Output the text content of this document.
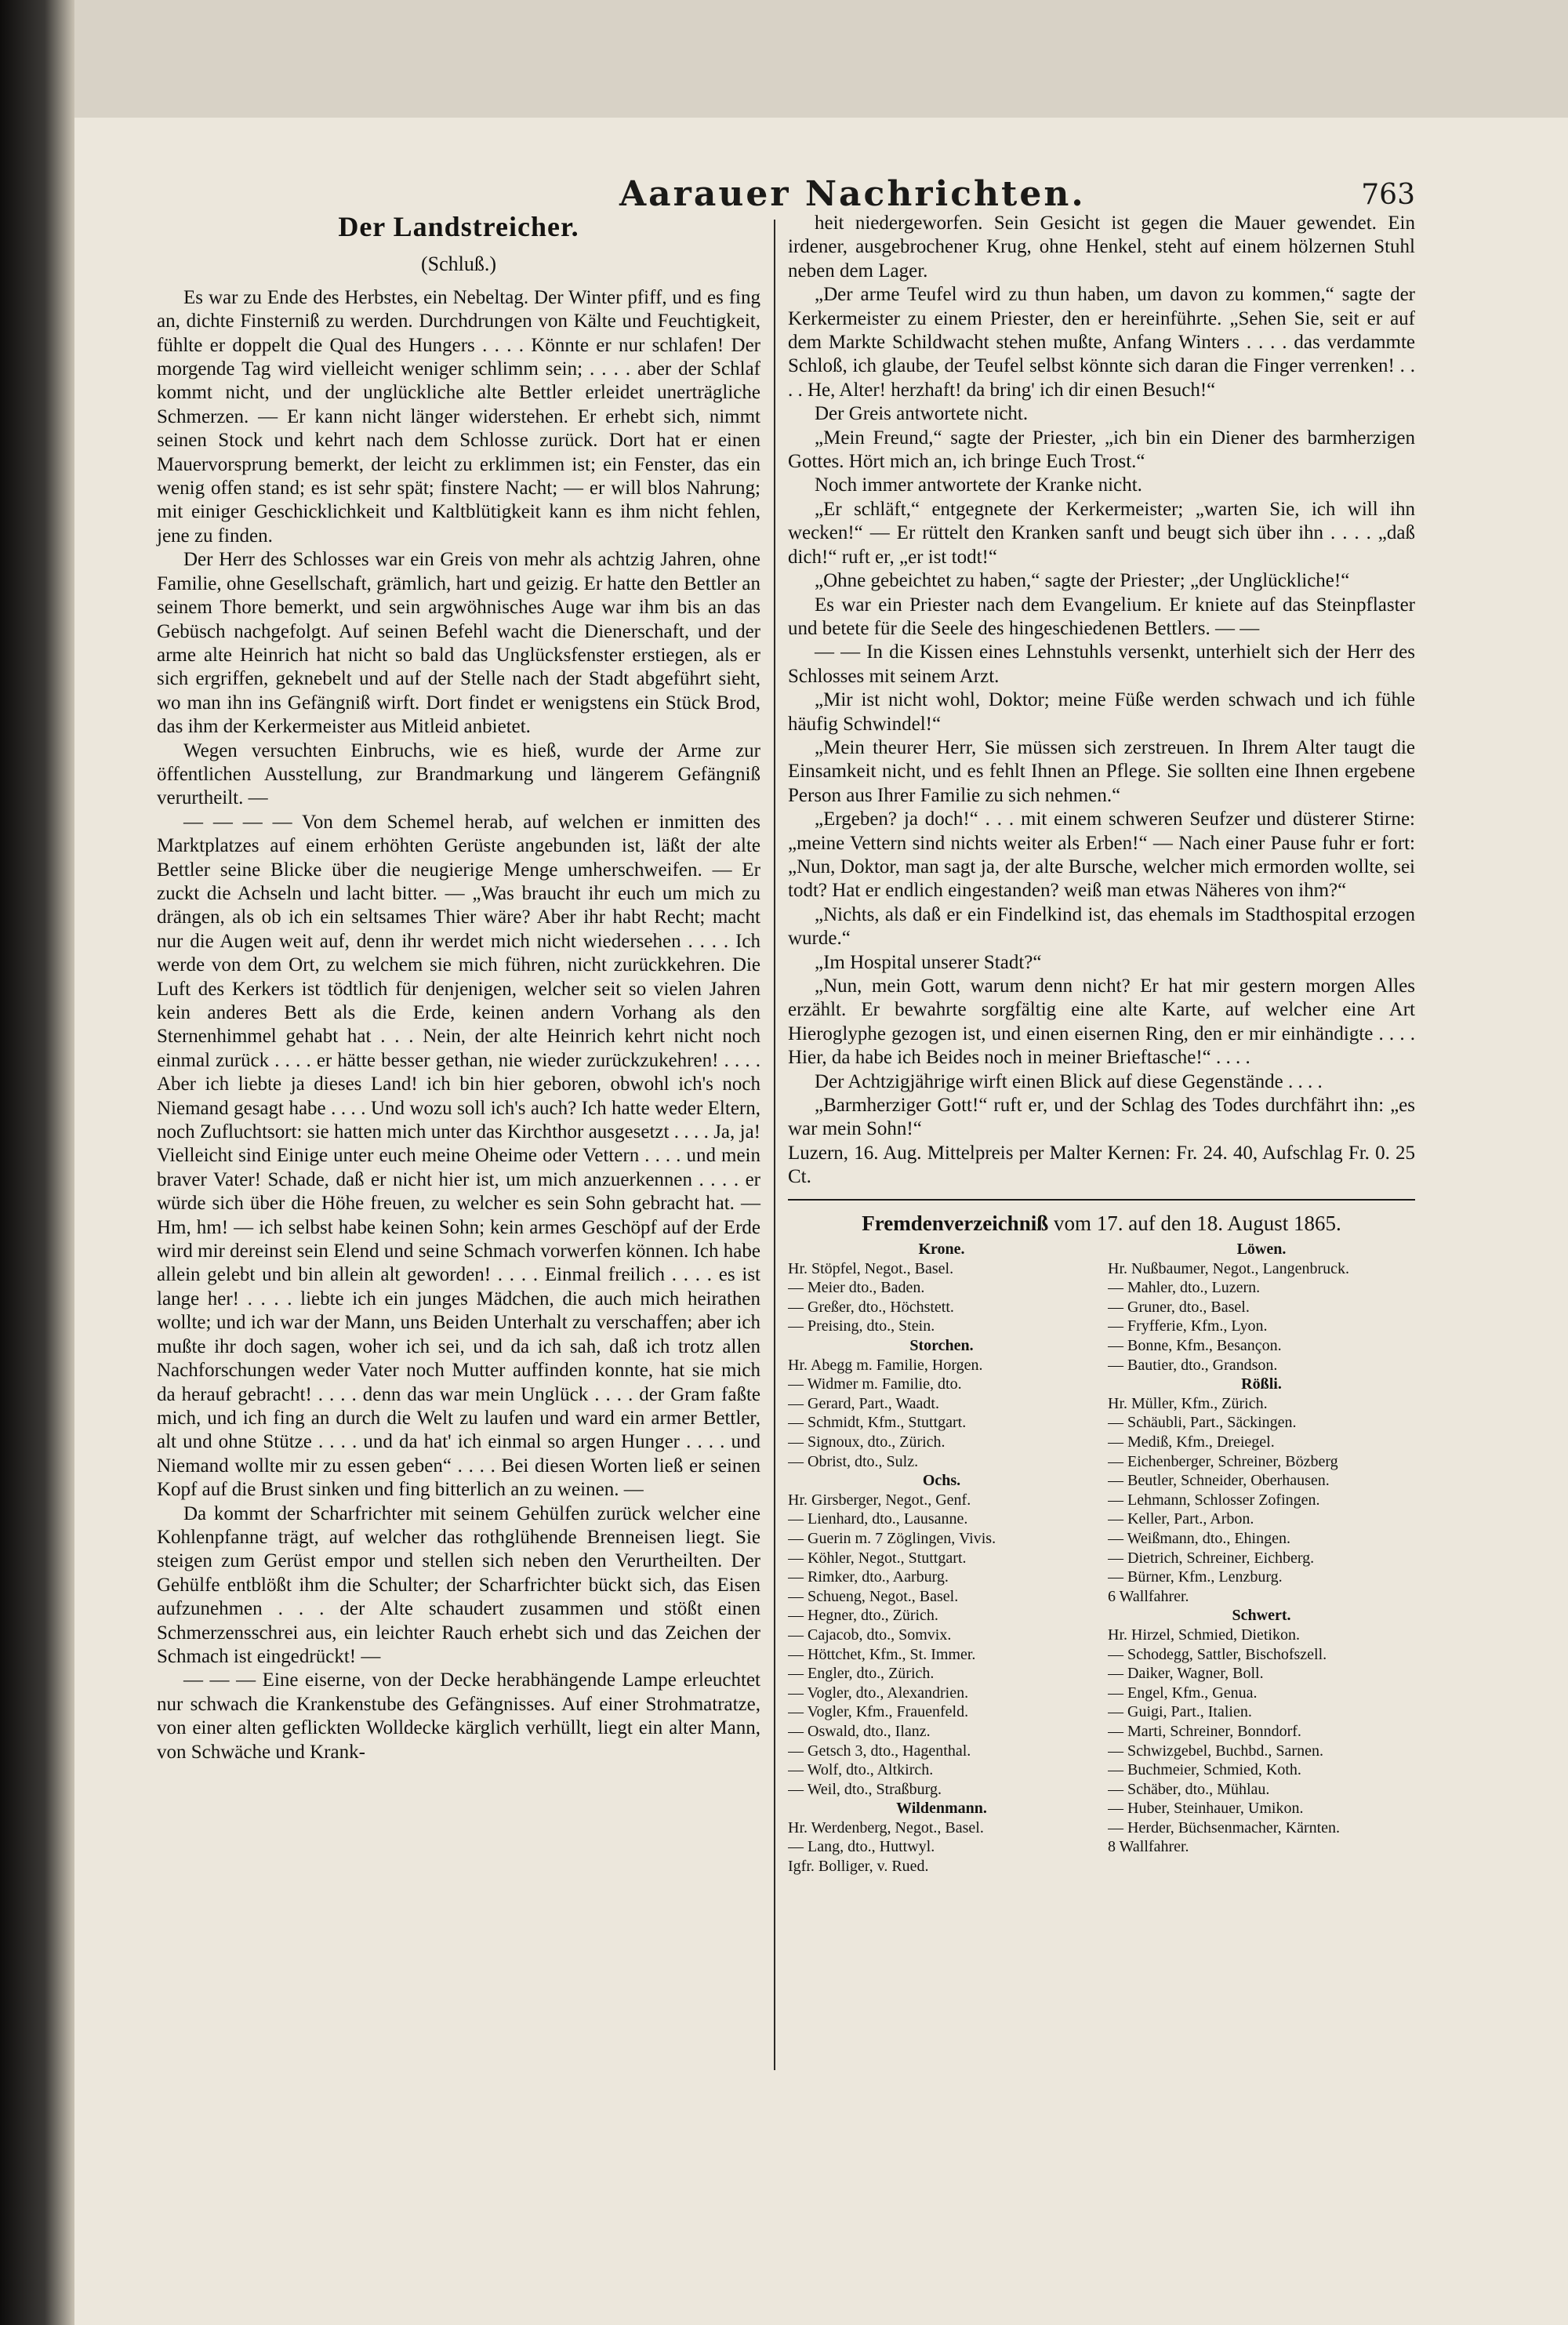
Aarauer Nachrichten.	763
Der Landstreicher.
(Schluß.)

Es war zu Ende des Herbstes, ein Nebeltag. Der Winter pfiff, und es fing an, dichte Finsterniß zu werden. Durchdrungen von Kälte und Feuchtigkeit, fühlte er doppelt die Qual des Hungers . . . . Könnte er nur schlafen! Der morgende Tag wird vielleicht weniger schlimm sein; . . . . aber der Schlaf kommt nicht, und der unglückliche alte Bettler erleidet unerträgliche Schmerzen. — Er kann nicht länger widerstehen. Er erhebt sich, nimmt seinen Stock und kehrt nach dem Schlosse zurück. Dort hat er einen Mauervorsprung bemerkt, der leicht zu erklimmen ist; ein Fenster, das ein wenig offen stand; es ist sehr spät; finstere Nacht; — er will blos Nahrung; mit einiger Geschicklichkeit und Kaltblütigkeit kann es ihm nicht fehlen, jene zu finden.

Der Herr des Schlosses war ein Greis von mehr als achtzig Jahren, ohne Familie, ohne Gesellschaft, grämlich, hart und geizig. Er hatte den Bettler an seinem Thore bemerkt, und sein argwöhnisches Auge war ihm bis an das Gebüsch nachgefolgt. Auf seinen Befehl wacht die Dienerschaft, und der arme alte Heinrich hat nicht so bald das Unglücksfenster erstiegen, als er sich ergriffen, geknebelt und auf der Stelle nach der Stadt abgeführt sieht, wo man ihn ins Gefängniß wirft. Dort findet er wenigstens ein Stück Brod, das ihm der Kerkermeister aus Mitleid anbietet.

Wegen versuchten Einbruchs, wie es hieß, wurde der Arme zur öffentlichen Ausstellung, zur Brandmarkung und längerem Gefängniß verurtheilt. —

— — — — Von dem Schemel herab, auf welchen er inmitten des Marktplatzes auf einem erhöhten Gerüste angebunden ist, läßt der alte Bettler seine Blicke über die neugierige Menge umherschweifen. — Er zuckt die Achseln und lacht bitter. — „Was braucht ihr euch um mich zu drängen, als ob ich ein seltsames Thier wäre? Aber ihr habt Recht; macht nur die Augen weit auf, denn ihr werdet mich nicht wiedersehen . . . . Ich werde von dem Ort, zu welchem sie mich führen, nicht zurückkehren. Die Luft des Kerkers ist tödtlich für denjenigen, welcher seit so vielen Jahren kein anderes Bett als die Erde, keinen andern Vorhang als den Sternenhimmel gehabt hat . . . Nein, der alte Heinrich kehrt nicht noch einmal zurück . . . . er hätte besser gethan, nie wieder zurückzukehren! . . . . Aber ich liebte ja dieses Land! ich bin hier geboren, obwohl ich's noch Niemand gesagt habe . . . . Und wozu soll ich's auch? Ich hatte weder Eltern, noch Zufluchtsort: sie hatten mich unter das Kirchthor ausgesetzt . . . . Ja, ja! Vielleicht sind Einige unter euch meine Oheime oder Vettern . . . . und mein braver Vater! Schade, daß er nicht hier ist, um mich anzuerkennen . . . . er würde sich über die Höhe freuen, zu welcher es sein Sohn gebracht hat. — Hm, hm! — ich selbst habe keinen Sohn; kein armes Geschöpf auf der Erde wird mir dereinst sein Elend und seine Schmach vorwerfen können. Ich habe allein gelebt und bin allein alt geworden! . . . . Einmal freilich . . . . es ist lange her! . . . . liebte ich ein junges Mädchen, die auch mich heirathen wollte; und ich war der Mann, uns Beiden Unterhalt zu verschaffen; aber ich mußte ihr doch sagen, woher ich sei, und da ich sah, daß ich trotz allen Nachforschungen weder Vater noch Mutter auffinden konnte, hat sie mich da herauf gebracht! . . . . denn das war mein Unglück . . . . der Gram faßte mich, und ich fing an durch die Welt zu laufen und ward ein armer Bettler, alt und ohne Stütze . . . . und da hat' ich einmal so argen Hunger . . . . und Niemand wollte mir zu essen geben“ . . . . Bei diesen Worten ließ er seinen Kopf auf die Brust sinken und fing bitterlich an zu weinen. —

Da kommt der Scharfrichter mit seinem Gehülfen zurück welcher eine Kohlenpfanne trägt, auf welcher das rothglühende Brenneisen liegt. Sie steigen zum Gerüst empor und stellen sich neben den Verurtheilten. Der Gehülfe entblößt ihm die Schulter; der Scharfrichter bückt sich, das Eisen aufzunehmen . . . der Alte schaudert zusammen und stößt einen Schmerzensschrei aus, ein leichter Rauch erhebt sich und das Zeichen der Schmach ist eingedrückt! —

— — — Eine eiserne, von der Decke herabhängende Lampe erleuchtet nur schwach die Krankenstube des Gefängnisses. Auf einer Strohmatratze, von einer alten geflickten Wolldecke kärglich verhüllt, liegt ein alter Mann, von Schwäche und Krank-

heit niedergeworfen. Sein Gesicht ist gegen die Mauer gewendet. Ein irdener, ausgebrochener Krug, ohne Henkel, steht auf einem hölzernen Stuhl neben dem Lager.

„Der arme Teufel wird zu thun haben, um davon zu kommen,“ sagte der Kerkermeister zu einem Priester, den er hereinführte. „Sehen Sie, seit er auf dem Markte Schildwacht stehen mußte, Anfang Winters . . . . das verdammte Schloß, ich glaube, der Teufel selbst könnte sich daran die Finger verrenken! . . . . He, Alter! herzhaft! da bring' ich dir einen Besuch!“

Der Greis antwortete nicht.

„Mein Freund,“ sagte der Priester, „ich bin ein Diener des barmherzigen Gottes. Hört mich an, ich bringe Euch Trost.“

Noch immer antwortete der Kranke nicht.

„Er schläft,“ entgegnete der Kerkermeister; „warten Sie, ich will ihn wecken!“ — Er rüttelt den Kranken sanft und beugt sich über ihn . . . . „daß dich!“ ruft er, „er ist todt!“

„Ohne gebeichtet zu haben,“ sagte der Priester; „der Unglückliche!“

Es war ein Priester nach dem Evangelium. Er kniete auf das Steinpflaster und betete für die Seele des hingeschiedenen Bettlers. — —

— — In die Kissen eines Lehnstuhls versenkt, unterhielt sich der Herr des Schlosses mit seinem Arzt.

„Mir ist nicht wohl, Doktor; meine Füße werden schwach und ich fühle häufig Schwindel!“

„Mein theurer Herr, Sie müssen sich zerstreuen. In Ihrem Alter taugt die Einsamkeit nicht, und es fehlt Ihnen an Pflege. Sie sollten eine Ihnen ergebene Person aus Ihrer Familie zu sich nehmen.“

„Ergeben? ja doch!“ . . . mit einem schweren Seufzer und düsterer Stirne: „meine Vettern sind nichts weiter als Erben!“ — Nach einer Pause fuhr er fort: „Nun, Doktor, man sagt ja, der alte Bursche, welcher mich ermorden wollte, sei todt? Hat er endlich eingestanden? weiß man etwas Näheres von ihm?“

„Nichts, als daß er ein Findelkind ist, das ehemals im Stadthospital erzogen wurde.“

„Im Hospital unserer Stadt?“

„Nun, mein Gott, warum denn nicht? Er hat mir gestern morgen Alles erzählt. Er bewahrte sorgfältig eine alte Karte, auf welcher eine Art Hieroglyphe gezogen ist, und einen eisernen Ring, den er mir einhändigte . . . . Hier, da habe ich Beides noch in meiner Brieftasche!“ . . . .

Der Achtzigjährige wirft einen Blick auf diese Gegenstände . . . .

„Barmherziger Gott!“ ruft er, und der Schlag des Todes durchfährt ihn: „es war mein Sohn!“

Luzern, 16. Aug. Mittelpreis per Malter Kernen: Fr. 24. 40, Aufschlag Fr. 0. 25 Ct.

Fremdenverzeichniß vom 17. auf den 18. August 1865.
Krone.
Hr. Stöpfel, Negot., Basel.
— Meier dto., Baden.
— Greßer, dto., Höchstett.
— Preising, dto., Stein.
Storchen.
Hr. Abegg m. Familie, Horgen.
— Widmer m. Familie, dto.
— Gerard, Part., Waadt.
— Schmidt, Kfm., Stuttgart.
— Signoux, dto., Zürich.
— Obrist, dto., Sulz.
Ochs.
Hr. Girsberger, Negot., Genf.
— Lienhard, dto., Lausanne.
— Guerin m. 7 Zöglingen, Vivis.
— Köhler, Negot., Stuttgart.
— Rimker, dto., Aarburg.
— Schueng, Negot., Basel.
— Hegner, dto., Zürich.
— Cajacob, dto., Somvix.
— Höttchet, Kfm., St. Immer.
— Engler, dto., Zürich.
— Vogler, dto., Alexandrien.
— Vogler, Kfm., Frauenfeld.
— Oswald, dto., Ilanz.
— Getsch 3, dto., Hagenthal.
— Wolf, dto., Altkirch.
— Weil, dto., Straßburg.
Wildenmann.
Hr. Werdenberg, Negot., Basel.
— Lang, dto., Huttwyl.
Igfr. Bolliger, v. Rued.
Löwen.
Hr. Nußbaumer, Negot., Langenbruck.
— Mahler, dto., Luzern.
— Gruner, dto., Basel.
— Fryfferie, Kfm., Lyon.
— Bonne, Kfm., Besançon.
— Bautier, dto., Grandson.
Rößli.
Hr. Müller, Kfm., Zürich.
— Schäubli, Part., Säckingen.
— Mediß, Kfm., Dreiegel.
— Eichenberger, Schreiner, Bözberg
— Beutler, Schneider, Oberhausen.
— Lehmann, Schlosser Zofingen.
— Keller, Part., Arbon.
— Weißmann, dto., Ehingen.
— Dietrich, Schreiner, Eichberg.
— Bürner, Kfm., Lenzburg.
6 Wallfahrer.
Schwert.
Hr. Hirzel, Schmied, Dietikon.
— Schodegg, Sattler, Bischofszell.
— Daiker, Wagner, Boll.
— Engel, Kfm., Genua.
— Guigi, Part., Italien.
— Marti, Schreiner, Bonndorf.
— Schwizgebel, Buchbd., Sarnen.
— Buchmeier, Schmied, Koth.
— Schäber, dto., Mühlau.
— Huber, Steinhauer, Umikon.
— Herder, Büchsenmacher, Kärnten.
8 Wallfahrer.
